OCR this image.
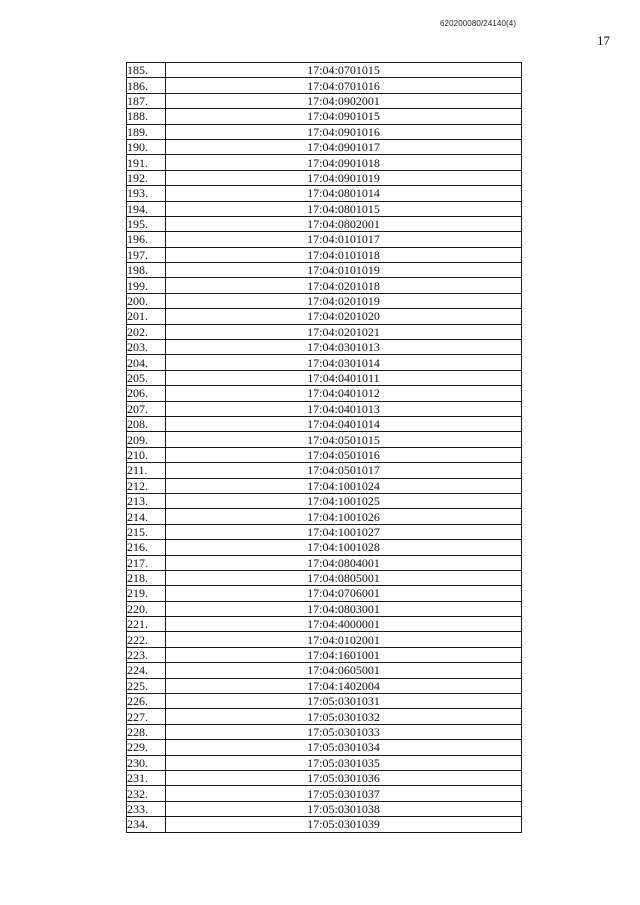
620200080/24140(4)
17
185.	17:04:0701015
186.	17:04:0701016
187.	17:04:0902001
188.	17:04:0901015
189.	17:04:0901016
190.	17:04:0901017
191.	17:04:0901018
192.	17:04:0901019
193.	17:04:0801014
194.	17:04:0801015
195.	17:04:0802001
196.	17:04:0101017
197.	17:04:0101018
198.	17:04:0101019
199.	17:04:0201018
200.	17:04:0201019
201.	17:04:0201020
202.	17:04:0201021
203.	17:04:0301013
204.	17:04:0301014
205.	17:04:0401011
206.	17:04:0401012
207.	17:04:0401013
208.	17:04:0401014
209.	17:04:0501015
210.	17:04:0501016
211.	17:04:0501017
212.	17:04:1001024
213.	17:04:1001025
214.	17:04:1001026
215.	17:04:1001027
216.	17:04:1001028
217.	17:04:0804001
218.	17:04:0805001
219.	17:04:0706001
220.	17:04:0803001
221.	17:04:4000001
222.	17:04:0102001
223.	17:04:1601001
224.	17:04:0605001
225.	17:04:1402004
226.	17:05:0301031
227.	17:05:0301032
228.	17:05:0301033
229.	17:05:0301034
230.	17:05:0301035
231.	17:05:0301036
232.	17:05:0301037
233.	17:05:0301038
234.	17:05:0301039
